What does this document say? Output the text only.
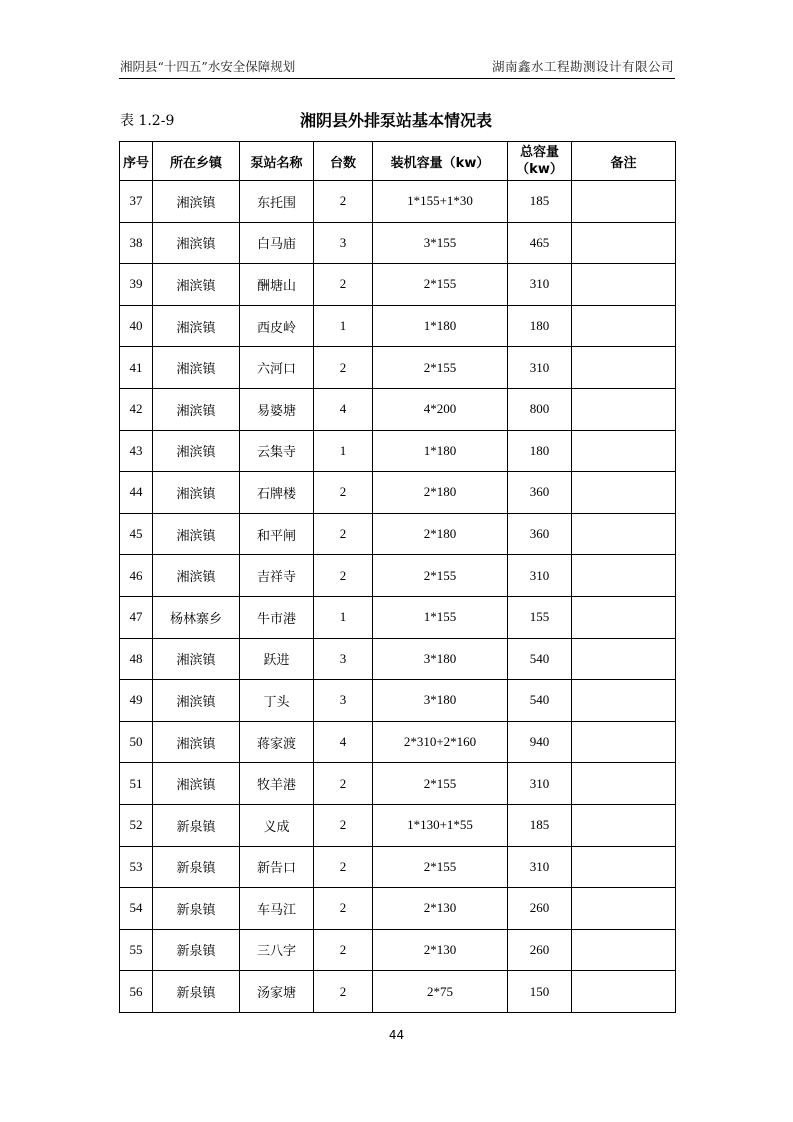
湘阴县“十四五”水安全保障规划	湖南鑫水工程勘测设计有限公司
表 1.2-9	湘阴县外排泵站基本情况表
序号	所在乡镇	泵站名称	台数	装机容量（kw）	总容量（kw）	备注
37	湘滨镇	东托围	2	1*155+1*30	185	
38	湘滨镇	白马庙	3	3*155	465	
39	湘滨镇	酬塘山	2	2*155	310	
40	湘滨镇	西皮岭	1	1*180	180	
41	湘滨镇	六河口	2	2*155	310	
42	湘滨镇	易婆塘	4	4*200	800	
43	湘滨镇	云集寺	1	1*180	180	
44	湘滨镇	石牌楼	2	2*180	360	
45	湘滨镇	和平闸	2	2*180	360	
46	湘滨镇	吉祥寺	2	2*155	310	
47	杨林寨乡	牛市港	1	1*155	155	
48	湘滨镇	跃进	3	3*180	540	
49	湘滨镇	丁头	3	3*180	540	
50	湘滨镇	蒋家渡	4	2*310+2*160	940	
51	湘滨镇	牧羊港	2	2*155	310	
52	新泉镇	义成	2	1*130+1*55	185	
53	新泉镇	新告口	2	2*155	310	
54	新泉镇	车马江	2	2*130	260	
55	新泉镇	三八字	2	2*130	260	
56	新泉镇	汤家塘	2	2*75	150	
44
